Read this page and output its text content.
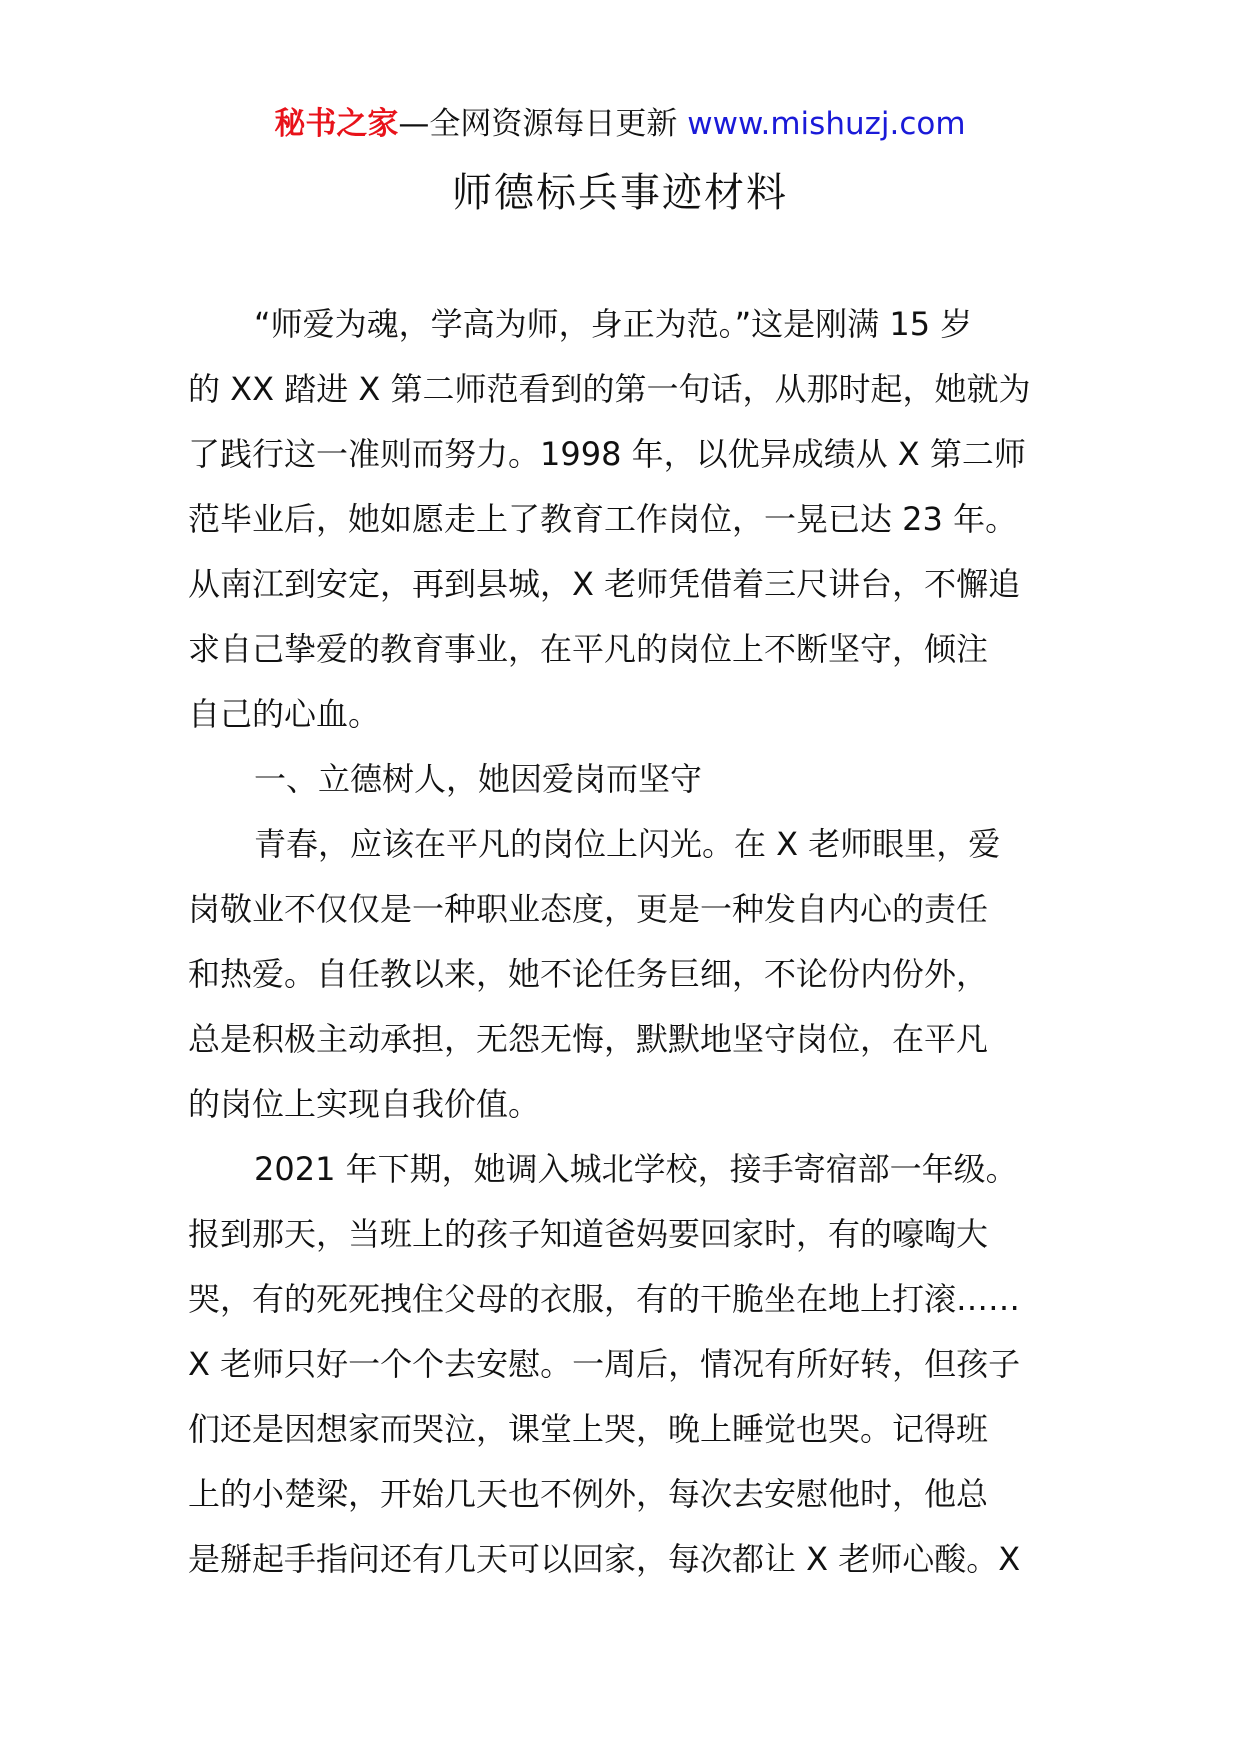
秘书之家—全网资源每日更新 www.mishuzj.com
师德标兵事迹材料
“师爱为魂，学高为师，身正为范。”这是刚满 15 岁
的 XX 踏进 X 第二师范看到的第一句话，从那时起，她就为
了践行这一准则而努力。1998 年，以优异成绩从 X 第二师
范毕业后，她如愿走上了教育工作岗位，一晃已达 23 年。
从南江到安定，再到县城，X 老师凭借着三尺讲台，不懈追
求自己挚爱的教育事业，在平凡的岗位上不断坚守，倾注
自己的心血。
一、立德树人，她因爱岗而坚守
青春，应该在平凡的岗位上闪光。在 X 老师眼里，爱
岗敬业不仅仅是一种职业态度，更是一种发自内心的责任
和热爱。自任教以来，她不论任务巨细，不论份内份外，
总是积极主动承担，无怨无悔，默默地坚守岗位，在平凡
的岗位上实现自我价值。
2021 年下期，她调入城北学校，接手寄宿部一年级。
报到那天，当班上的孩子知道爸妈要回家时，有的嚎啕大
哭，有的死死拽住父母的衣服，有的干脆坐在地上打滚……
X 老师只好一个个去安慰。一周后，情况有所好转，但孩子
们还是因想家而哭泣，课堂上哭，晚上睡觉也哭。记得班
上的小楚梁，开始几天也不例外，每次去安慰他时，他总
是掰起手指问还有几天可以回家，每次都让 X 老师心酸。X
